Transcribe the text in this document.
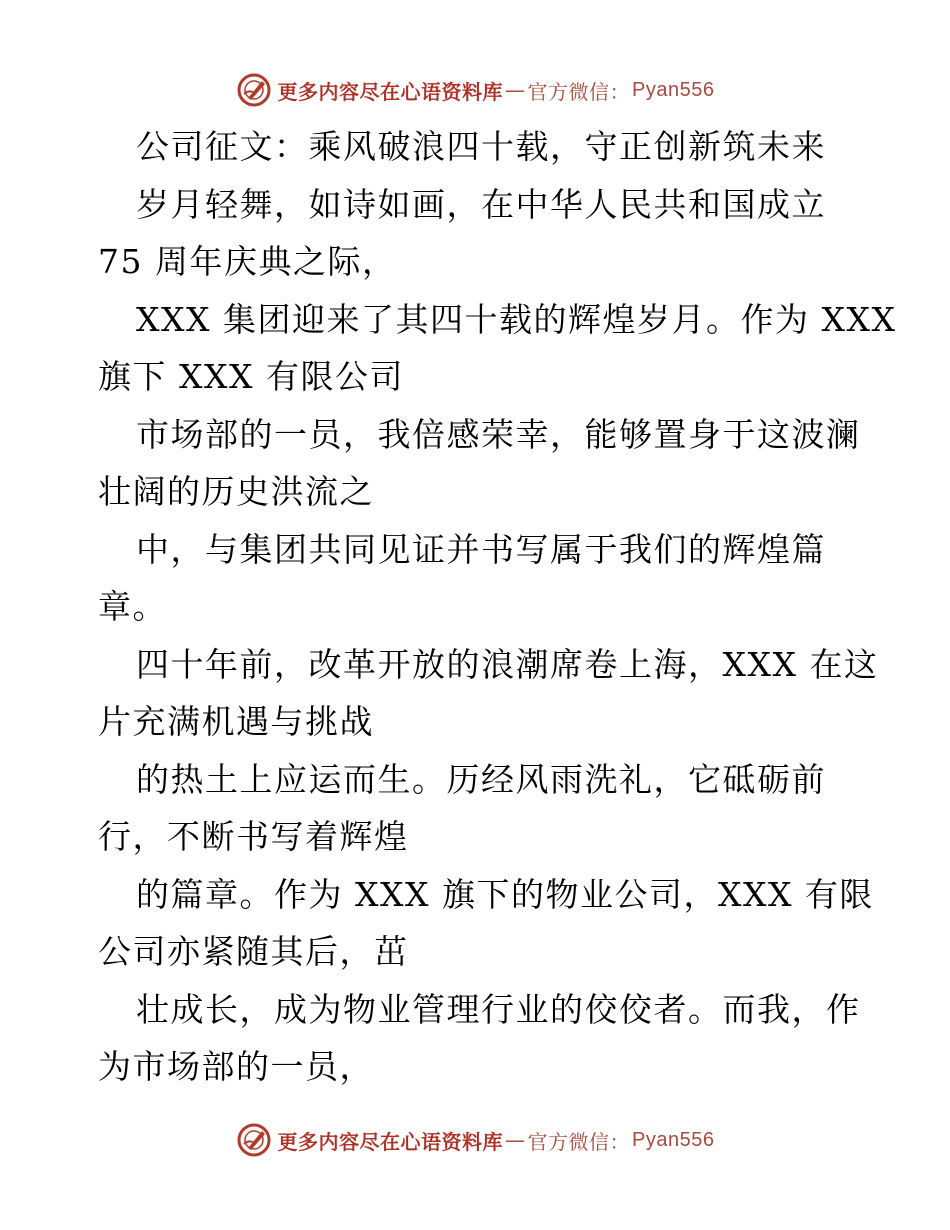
更多内容尽在心语资料库 — 官方微信： Pyan556
公司征文：乘风破浪四十载，守正创新筑未来
岁月轻舞，如诗如画，在中华人民共和国成立
75 周年庆典之际，
XXX 集团迎来了其四十载的辉煌岁月。作为 XXX
旗下 XXX 有限公司
市场部的一员，我倍感荣幸，能够置身于这波澜
壮阔的历史洪流之
中，与集团共同见证并书写属于我们的辉煌篇
章。
四十年前，改革开放的浪潮席卷上海，XXX 在这
片充满机遇与挑战
的热土上应运而生。历经风雨洗礼，它砥砺前
行，不断书写着辉煌
的篇章。作为 XXX 旗下的物业公司，XXX 有限
公司亦紧随其后，茁
壮成长，成为物业管理行业的佼佼者。而我，作
为市场部的一员，
更多内容尽在心语资料库 — 官方微信： Pyan556
